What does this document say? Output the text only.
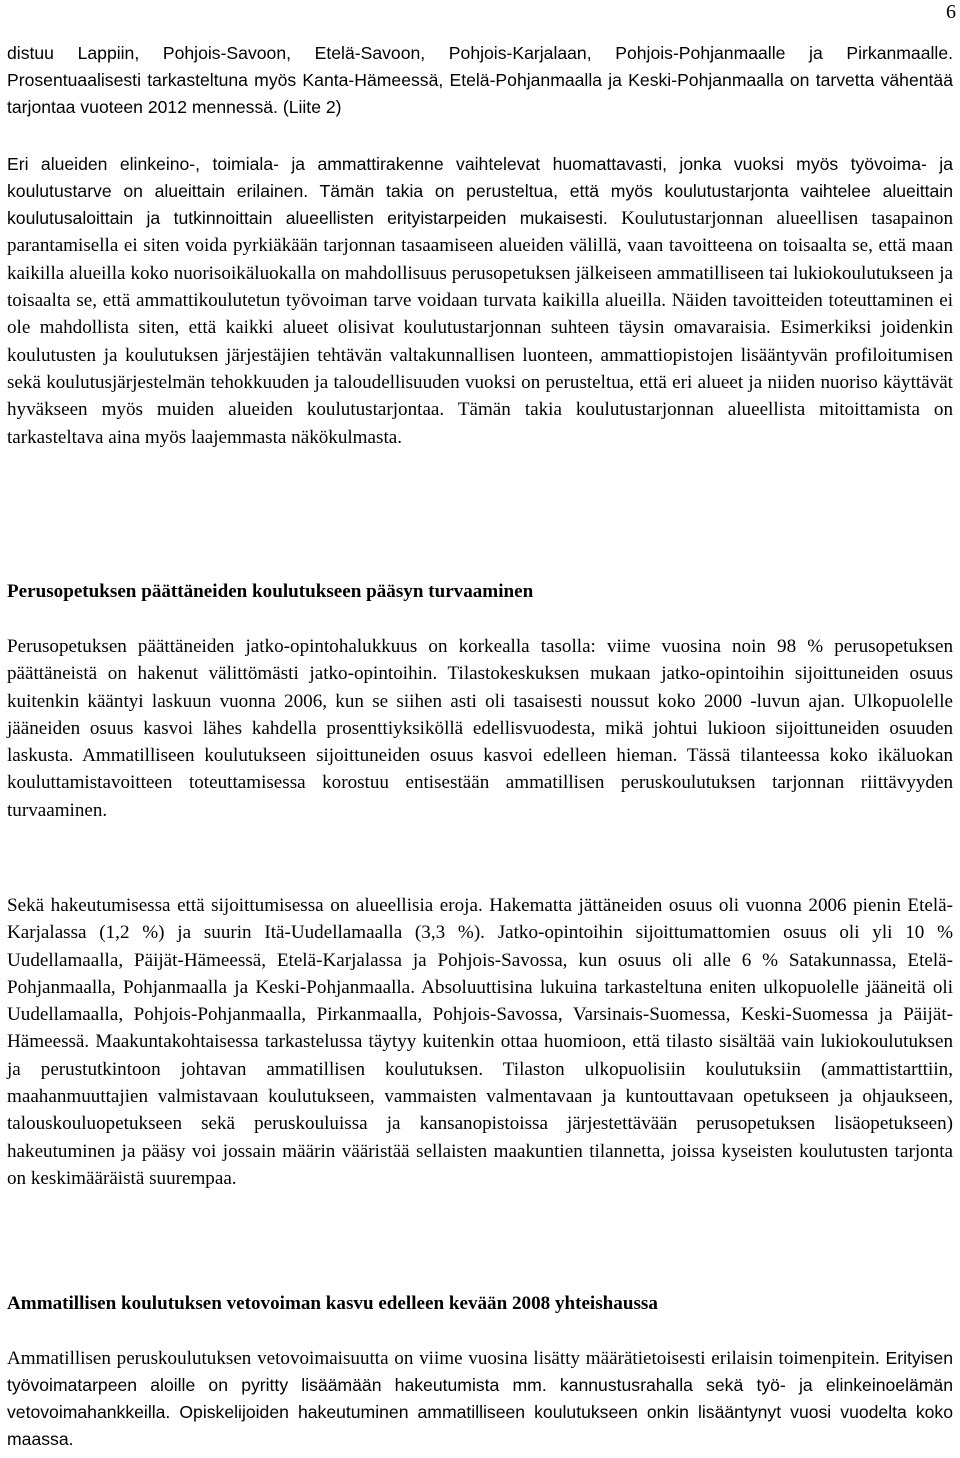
6

distuu Lappiin, Pohjois-Savoon, Etelä-Savoon, Pohjois-Karjalaan, Pohjois-Pohjanmaalle ja Pirkanmaalle. Prosentuaalisesti tarkasteltuna myös Kanta-Hämeessä, Etelä-Pohjanmaalla ja Keski-Pohjanmaalla on tarvetta vähentää tarjontaa vuoteen 2012 mennessä. (Liite 2)

Eri alueiden elinkeino-, toimiala- ja ammattirakenne vaihtelevat huomattavasti, jonka vuoksi myös työvoima- ja koulutustarve on alueittain erilainen. Tämän takia on perusteltua, että myös koulutustarjonta vaihtelee alueittain koulutusaloittain ja tutkinnoittain alueellisten erityistarpeiden mukaisesti. Koulutustarjonnan alueellisen tasapainon parantamisella ei siten voida pyrkiäkään tarjonnan tasaamiseen alueiden välillä, vaan tavoitteena on toisaalta se, että maan kaikilla alueilla koko nuorisoikäluokalla on mahdollisuus perusopetuksen jälkeiseen ammatilliseen tai lukiokoulutukseen ja toisaalta se, että ammattikoulutetun työvoiman tarve voidaan turvata kaikilla alueilla. Näiden tavoitteiden toteuttaminen ei ole mahdollista siten, että kaikki alueet olisivat koulutustarjonnan suhteen täysin omavaraisia. Esimerkiksi joidenkin koulutusten ja koulutuksen järjestäjien tehtävän valtakunnallisen luonteen, ammattiopistojen lisääntyvän profiloitumisen sekä koulutusjärjestelmän tehokkuuden ja taloudellisuuden vuoksi on perusteltua, että eri alueet ja niiden nuoriso käyttävät hyväkseen myös muiden alueiden koulutustarjontaa. Tämän takia koulutustarjonnan alueellista mitoittamista on tarkasteltava aina myös laajemmasta näkökulmasta.

Perusopetuksen päättäneiden koulutukseen pääsyn turvaaminen

Perusopetuksen päättäneiden jatko-opintohalukkuus on korkealla tasolla: viime vuosina noin 98 % perusopetuksen päättäneistä on hakenut välittömästi jatko-opintoihin. Tilastokeskuksen mukaan jatko-opintoihin sijoittuneiden osuus kuitenkin kääntyi laskuun vuonna 2006, kun se siihen asti oli tasaisesti noussut koko 2000 -luvun ajan. Ulkopuolelle jääneiden osuus kasvoi lähes kahdella prosenttiyksiköllä edellisvuodesta, mikä johtui lukioon sijoittuneiden osuuden laskusta. Ammatilliseen koulutukseen sijoittuneiden osuus kasvoi edelleen hieman. Tässä tilanteessa koko ikäluokan kouluttamistavoitteen toteuttamisessa korostuu entisestään ammatillisen peruskoulutuksen tarjonnan riittävyyden turvaaminen.

Sekä hakeutumisessa että sijoittumisessa on alueellisia eroja. Hakematta jättäneiden osuus oli vuonna 2006 pienin Etelä-Karjalassa (1,2 %) ja suurin Itä-Uudellamaalla (3,3 %). Jatko-opintoihin sijoittumattomien osuus oli yli 10 % Uudellamaalla, Päijät-Hämeessä, Etelä-Karjalassa ja Pohjois-Savossa, kun osuus oli alle 6 % Satakunnassa, Etelä-Pohjanmaalla, Pohjanmaalla ja Keski-Pohjanmaalla. Absoluuttisina lukuina tarkasteltuna eniten ulkopuolelle jääneitä oli Uudellamaalla, Pohjois-Pohjanmaalla, Pirkanmaalla, Pohjois-Savossa, Varsinais-Suomessa, Keski-Suomessa ja Päijät-Hämeessä. Maakuntakohtaisessa tarkastelussa täytyy kuitenkin ottaa huomioon, että tilasto sisältää vain lukiokoulutuksen ja perustutkintoon johtavan ammatillisen koulutuksen. Tilaston ulkopuolisiin koulutuksiin (ammattistarttiin, maahanmuuttajien valmistavaan koulutukseen, vammaisten valmentavaan ja kuntouttavaan opetukseen ja ohjaukseen, talouskouluopetukseen sekä peruskouluissa ja kansanopistoissa järjestettävään perusopetuksen lisäopetukseen) hakeutuminen ja pääsy voi jossain määrin vääristää sellaisten maakuntien tilannetta, joissa kyseisten koulutusten tarjonta on keskimääräistä suurempaa.

Ammatillisen koulutuksen vetovoiman kasvu edelleen kevään 2008 yhteishaussa

Ammatillisen peruskoulutuksen vetovoimaisuutta on viime vuosina lisätty määrätietoisesti erilaisin toimenpitein. Erityisen työvoimatarpeen aloille on pyritty lisäämään hakeutumista mm. kannustusrahalla sekä työ- ja elinkeinoelämän vetovoimahankkeilla. Opiskelijoiden hakeutuminen ammatilliseen koulutukseen onkin lisääntynyt vuosi vuodelta koko maassa.
